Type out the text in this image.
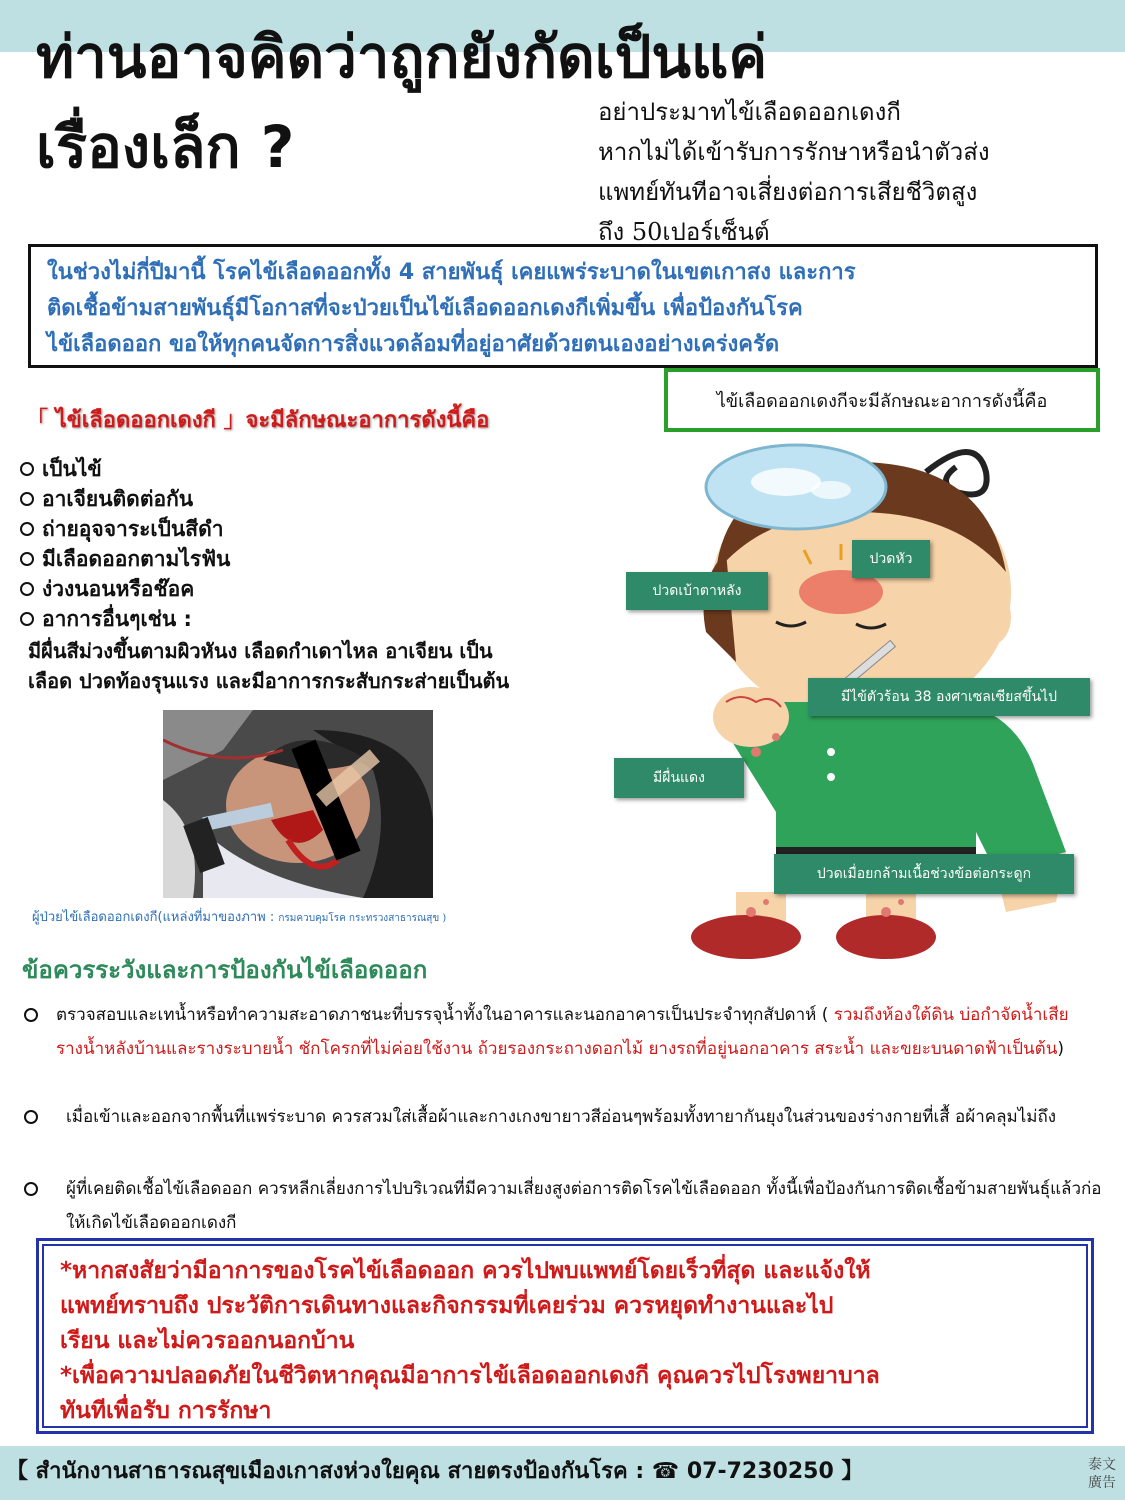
ท่านอาจคิดว่าถูกยังกัดเป็นแค่
เรื่องเล็ก ?
อย่าประมาทไข้เลือดออกเดงกี
หากไม่ได้เข้ารับการรักษาหรือนำตัวส่ง
แพทย์ทันทีอาจเสี่ยงต่อการเสียชีวิตสูง
ถึง 50เปอร์เซ็นต์
ในช่วงไม่กี่ปีมานี้ โรคไข้เลือดออกทั้ง 4 สายพันธุ์ เคยแพร่ระบาดในเขตเกาสง และการ
ติดเชื้อข้ามสายพันธุ์มีโอกาสที่จะป่วยเป็นไข้เลือดออกเดงกีเพิ่มขึ้น เพื่อป้องกันโรค
ไข้เลือดออก ขอให้ทุกคนจัดการสิ่งแวดล้อมที่อยู่อาศัยด้วยตนเองอย่างเคร่งครัด
「 ไข้เลือดออกเดงกี 」จะมีลักษณะอาการดังนี้คือ
เป็นไข้
อาเจียนติดต่อกัน
ถ่ายอุจจาระเป็นสีดำ
มีเลือดออกตามไรฟัน
ง่วงนอนหรือช๊อค
อาการอื่นๆเช่น :
มีผื่นสีม่วงขึ้นตามผิวหันง เลือดกำเดาไหล อาเจียน เป็น
เลือด ปวดท้องรุนแรง และมีอาการกระสับกระส่ายเป็นต้น
ผู้ป่วยไข้เลือดออกเดงกี(แหล่งที่มาของภาพ : กรมควบคุมโรค กระทรวงสาธารณสุข )
ไข้เลือดออกเดงกีจะมีลักษณะอาการดังนี้คือ
ปวดหัว
ปวดเบ้าตาหลัง
มีไข้ตัวร้อน 38 องศาเซลเซียสขึ้นไป
มีผื่นแดง
ปวดเมื่อยกล้ามเนื้อช่วงข้อต่อกระดูก
ข้อควรระวังและการป้องกันไข้เลือดออก
ตรวจสอบและเทน้ำหรือทำความสะอาดภาชนะที่บรรจุน้ำทั้งในอาคารและนอกอาคารเป็นประจำทุกสัปดาห์ ( รวมถึงห้องใต้ดิน บ่อกำจัดน้ำเสีย รางน้ำหลังบ้านและรางระบายน้ำ ชักโครกที่ไม่ค่อยใช้งาน ถ้วยรองกระถางดอกไม้ ยางรถที่อยู่นอกอาคาร สระน้ำ และขยะบนดาดฟ้าเป็นต้น)
เมื่อเข้าและออกจากพื้นที่แพร่ระบาด ควรสวมใส่เสื้อผ้าและกางเกงขายาวสีอ่อนๆพร้อมทั้งทายากันยุงในส่วนของร่างกายที่เสื้ อผ้าคลุมไม่ถึง
ผู้ที่เคยติดเชื้อไข้เลือดออก ควรหลีกเลี่ยงการไปบริเวณที่มีความเสี่ยงสูงต่อการติดโรคไข้เลือดออก ทั้งนี้เพื่อป้องกันการติดเชื้อข้ามสายพันธุ์แล้วก่อให้เกิดไข้เลือดออกเดงกี
*หากสงสัยว่ามีอาการของโรคไข้เลือดออก ควรไปพบแพทย์โดยเร็วที่สุด และแจ้งให้
แพทย์ทราบถึง ประวัติการเดินทางและกิจกรรมที่เคยร่วม ควรหยุดทำงานและไป
เรียน และไม่ควรออกนอกบ้าน
*เพื่อความปลอดภัยในชีวิตหากคุณมีอาการไข้เลือดออกเดงกี คุณควรไปโรงพยาบาล
ทันทีเพื่อรับ การรักษา
【 สำนักงานสาธารณสุขเมืองเกาสงห่วงใยคุณ สายตรงป้องกันโรค : ☎ 07-7230250 】	泰文
廣告
